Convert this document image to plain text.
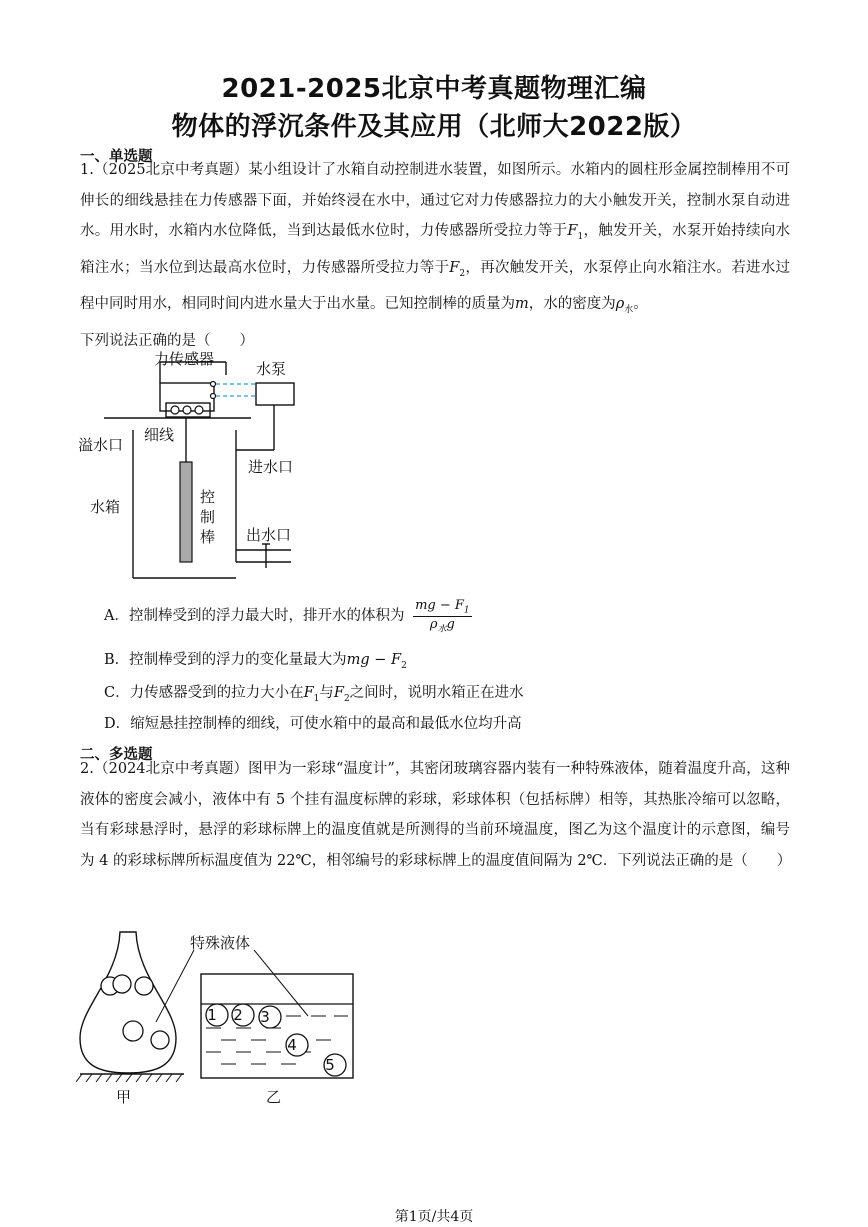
2021-2025北京中考真题物理汇编
物体的浮沉条件及其应用（北师大2022版）
一、单选题
1.（2025北京中考真题）某小组设计了水箱自动控制进水装置，如图所示。水箱内的圆柱形金属控制棒用不可伸长的细线悬挂在力传感器下面，并始终浸在水中，通过它对力传感器拉力的大小触发开关，控制水泵自动进水。用水时，水箱内水位降低，当到达最低水位时，力传感器所受拉力等于$F_1$，触发开关，水泵开始持续向水箱注水；当水位到达最高水位时，力传感器所受拉力等于$F_2$，再次触发开关，水泵停止向水箱注水。若进水过程中同时用水，相同时间内进水量大于出水量。已知控制棒的质量为m，水的密度为$\rho_水$。
下列说法正确的是（　　）
力传感器
水泵
细线
溢水口
进水口
水箱
控
制
棒 出水口
A．控制棒受到的浮力最大时，排开水的体积为 $\frac{mg - F_1}{\rho_水g}$
B．控制棒受到的浮力的变化量最大为mg − $F_2$
C．力传感器受到的拉力大小在$F_1$与$F_2$之间时，说明水箱正在进水
D．缩短悬挂控制棒的细线，可使水箱中的最高和最低水位均升高
二、多选题
2.（2024北京中考真题）图甲为一彩球“温度计”，其密闭玻璃容器内装有一种特殊液体，随着温度升高，这种液体的密度会减小，液体中有 5 个挂有温度标牌的彩球，彩球体积（包括标牌）相等，其热胀冷缩可以忽略，当有彩球悬浮时，悬浮的彩球标牌上的温度值就是所测得的当前环境温度，图乙为这个温度计的示意图，编号为 4 的彩球标牌所标温度值为 22℃，相邻编号的彩球标牌上的温度值间隔为 2℃．下列说法正确的是（　　）
1 2 3
4
5
特殊液体
甲	乙
第1页/共4页
